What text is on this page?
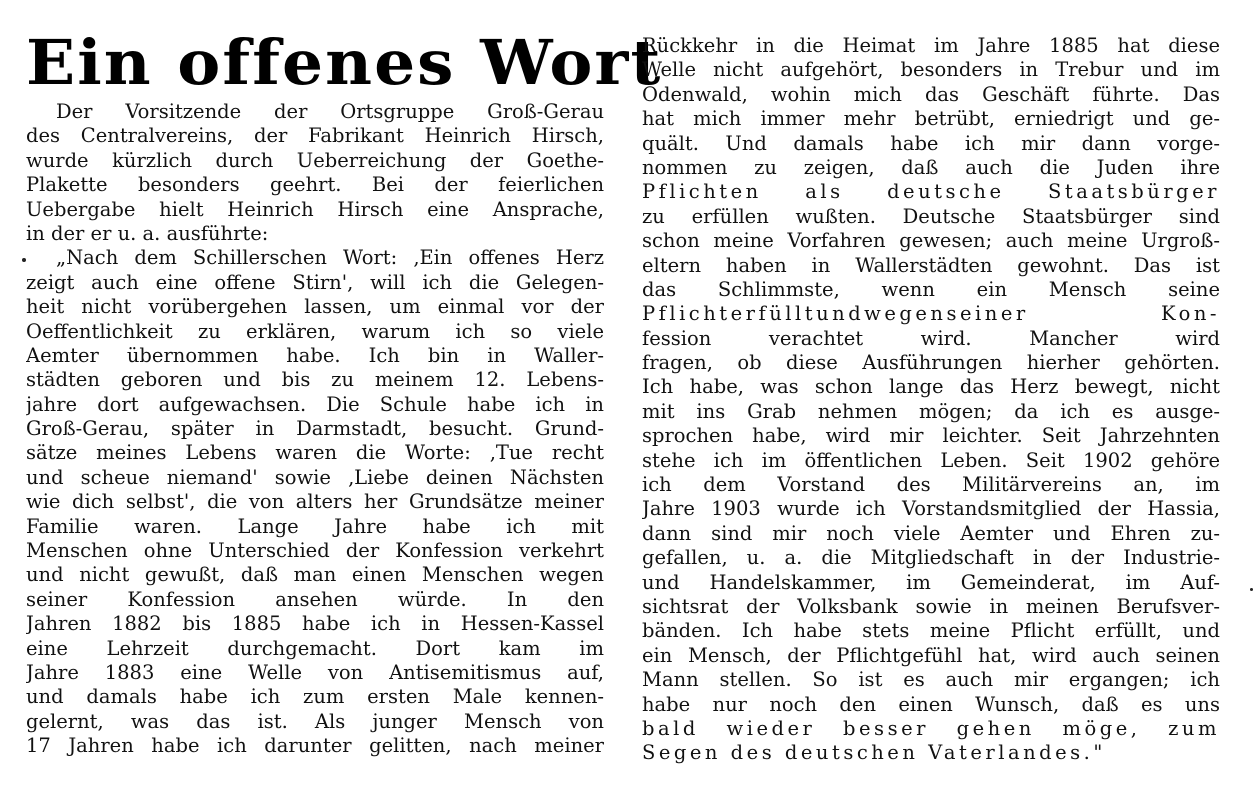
Ein offenes Wort
Der Vorsitzende der Ortsgruppe Groß-Gerau
des Centralvereins, der Fabrikant Heinrich Hirsch,
wurde kürzlich durch Ueberreichung der Goethe-
Plakette besonders geehrt. Bei der feierlichen
Uebergabe hielt Heinrich Hirsch eine Ansprache,
in der er u. a. ausführte:
„Nach dem Schillerschen Wort: ‚Ein offenes Herz
zeigt auch eine offene Stirn', will ich die Gelegen-
heit nicht vorübergehen lassen, um einmal vor der
Oeffentlichkeit zu erklären, warum ich so viele
Aemter übernommen habe. Ich bin in Waller-
städten geboren und bis zu meinem 12. Lebens-
jahre dort aufgewachsen. Die Schule habe ich in
Groß-Gerau, später in Darmstadt, besucht. Grund-
sätze meines Lebens waren die Worte: ‚Tue recht
und scheue niemand' sowie ‚Liebe deinen Nächsten
wie dich selbst', die von alters her Grundsätze meiner
Familie waren. Lange Jahre habe ich mit
Menschen ohne Unterschied der Konfession verkehrt
und nicht gewußt, daß man einen Menschen wegen
seiner Konfession ansehen würde. In den
Jahren 1882 bis 1885 habe ich in Hessen-Kassel
eine Lehrzeit durchgemacht. Dort kam im
Jahre 1883 eine Welle von Antisemitismus auf,
und damals habe ich zum ersten Male kennen-
gelernt, was das ist. Als junger Mensch von
17 Jahren habe ich darunter gelitten, nach meiner
Rückkehr in die Heimat im Jahre 1885 hat diese
Welle nicht aufgehört, besonders in Trebur und im
Odenwald, wohin mich das Geschäft führte. Das
hat mich immer mehr betrübt, erniedrigt und ge-
quält. Und damals habe ich mir dann vorge-
nommen zu zeigen, daß auch die Juden ihre
Pflichten als deutsche Staatsbürger
zu erfüllen wußten. Deutsche Staatsbürger sind
schon meine Vorfahren gewesen; auch meine Urgroß-
eltern haben in Wallerstädten gewohnt. Das ist
das Schlimmste, wenn ein Mensch seine
Pflichterfülltundwegenseiner Kon-
fession verachtet wird. Mancher wird
fragen, ob diese Ausführungen hierher gehörten.
Ich habe, was schon lange das Herz bewegt, nicht
mit ins Grab nehmen mögen; da ich es ausge-
sprochen habe, wird mir leichter. Seit Jahrzehnten
stehe ich im öffentlichen Leben. Seit 1902 gehöre
ich dem Vorstand des Militärvereins an, im
Jahre 1903 wurde ich Vorstandsmitglied der Hassia,
dann sind mir noch viele Aemter und Ehren zu-
gefallen, u. a. die Mitgliedschaft in der Industrie-
und Handelskammer, im Gemeinderat, im Auf-
sichtsrat der Volksbank sowie in meinen Berufsver-
bänden. Ich habe stets meine Pflicht erfüllt, und
ein Mensch, der Pflichtgefühl hat, wird auch seinen
Mann stellen. So ist es auch mir ergangen; ich
habe nur noch den einen Wunsch, daß es uns
bald wieder besser gehen möge, zum
Segen des deutschen Vaterlandes."
